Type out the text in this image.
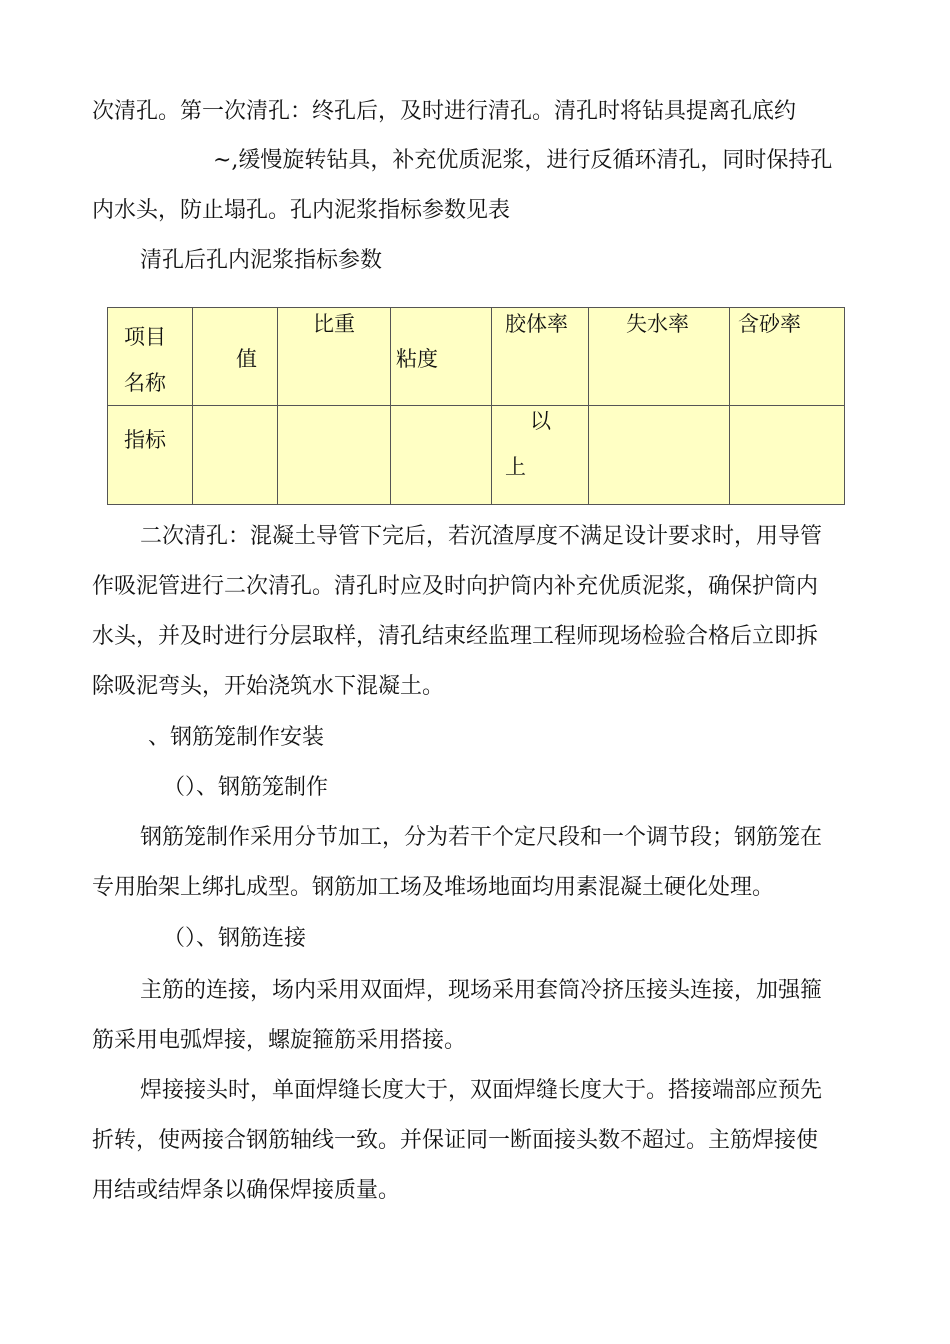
次清孔。第一次清孔：终孔后，及时进行清孔。清孔时将钻具提离孔底约
~,缓慢旋转钻具，补充优质泥浆，进行反循环清孔，同时保持孔
内水头，防止塌孔。孔内泥浆指标参数见表
清孔后孔内泥浆指标参数
项目
名称	值	比重	粘度	胶体率	失水率	含砂率

指标				以
上		

二次清孔：混凝土导管下完后，若沉渣厚度不满足设计要求时，用导管
作吸泥管进行二次清孔。清孔时应及时向护筒内补充优质泥浆，确保护筒内
水头，并及时进行分层取样，清孔结束经监理工程师现场检验合格后立即拆
除吸泥弯头，开始浇筑水下混凝土。
、钢筋笼制作安装
（）、钢筋笼制作
钢筋笼制作采用分节加工，分为若干个定尺段和一个调节段；钢筋笼在
专用胎架上绑扎成型。钢筋加工场及堆场地面均用素混凝土硬化处理。
（）、钢筋连接
主筋的连接，场内采用双面焊，现场采用套筒冷挤压接头连接，加强箍
筋采用电弧焊接，螺旋箍筋采用搭接。
焊接接头时，单面焊缝长度大于，双面焊缝长度大于。搭接端部应预先
折转，使两接合钢筋轴线一致。并保证同一断面接头数不超过。主筋焊接使
用结或结焊条以确保焊接质量。
